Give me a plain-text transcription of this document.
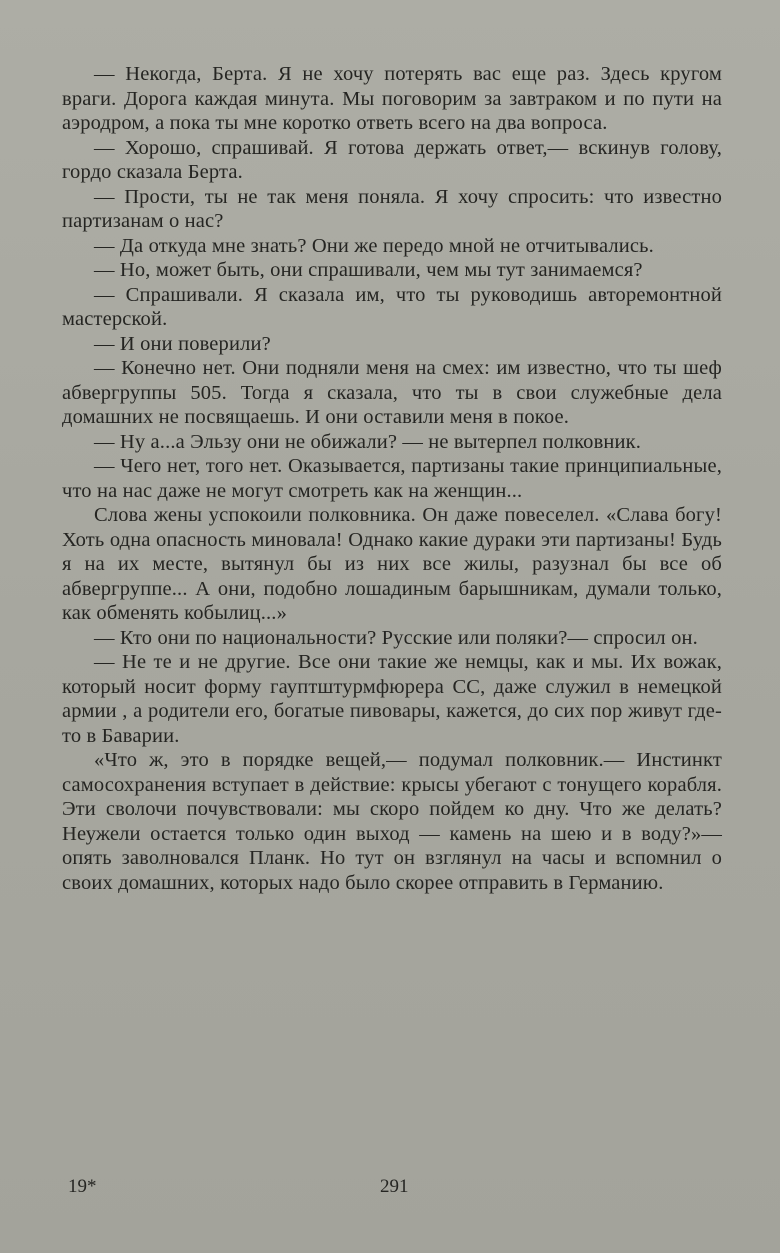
— Некогда, Берта. Я не хочу потерять вас еще раз. Здесь кругом враги. Дорога каждая минута. Мы поговорим за завтраком и по пути на аэродром, а пока ты мне коротко ответь всего на два вопроса.

— Хорошо, спрашивай. Я готова держать ответ,— вскинув голову, гордо сказала Берта.

— Прости, ты не так меня поняла. Я хочу спросить: что известно партизанам о нас?

— Да откуда мне знать? Они же передо мной не отчитывались.

— Но, может быть, они спрашивали, чем мы тут занимаемся?

— Спрашивали. Я сказала им, что ты руководишь авторемонтной мастерской.

— И они поверили?

— Конечно нет. Они подняли меня на смех: им известно, что ты шеф абвергруппы 505. Тогда я сказала, что ты в свои служебные дела домашних не посвящаешь. И они оставили меня в покое.

— Ну а...а Эльзу они не обижали? — не вытерпел полковник.

— Чего нет, того нет. Оказывается, партизаны такие принципиальные, что на нас даже не могут смотреть как на женщин...

Слова жены успокоили полковника. Он даже повеселел. «Слава богу! Хоть одна опасность миновала! Однако какие дураки эти партизаны! Будь я на их месте, вытянул бы из них все жилы, разузнал бы все об абвергруппе... А они, подобно лошадиным барышникам, думали только, как обменять кобылиц...»

— Кто они по национальности? Русские или поляки?— спросил он.

— Не те и не другие. Все они такие же немцы, как и мы. Их вожак, который носит форму гауптштурмфюрера СС, даже служил в немецкой армии , а родители его, богатые пивовары, кажется, до сих пор живут где-то в Баварии.

«Что ж, это в порядке вещей,— подумал полковник.— Инстинкт самосохранения вступает в действие: крысы убегают с тонущего корабля. Эти сволочи почувствовали: мы скоро пойдем ко дну. Что же делать? Неужели остается только один выход — камень на шею и в воду?»—опять заволновался Планк. Но тут он взглянул на часы и вспомнил о своих домашних, которых надо было скорее отправить в Германию.

19*	291
